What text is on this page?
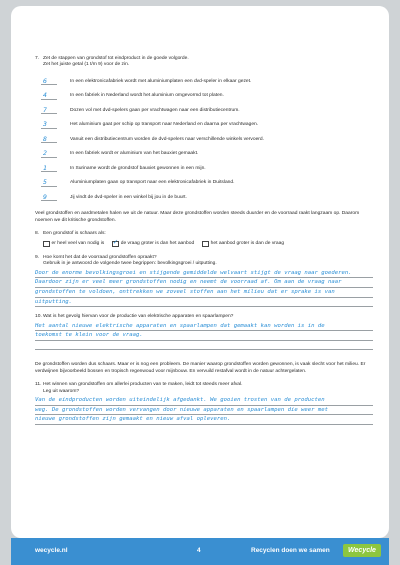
7. Zet de stappen van grondstof tot eindproduct in de goede volgorde.
Zet het juiste getal (1 t/m 9) voor de zin.
6	In een elektronicafabriek wordt met aluminiumplaten een dvd-speler in elkaar gezet.
4	In een fabriek in Nederland wordt het aluminium omgevormd tot platen.
7	Dozen vol met dvd-spelers gaan per vrachtwagen naar een distributiecentrum.
3	Het aluminium gaat per schip op transport naar Nederland en daarna per vrachtwagen.
8	Vanuit een distributiecentrum worden de dvd-spelers naar verschillende winkels vervoerd.
2	In een fabriek wordt er aluminium van het bauxiet gemaakt.
1	In Suriname wordt de grondstof bauxiet gewonnen in een mijn.
5	Aluminiumplaten gaan op transport naar een elektronicafabriek in Duitsland.
9	Jij vindt de dvd-speler in een winkel bij jou in de buurt.
Veel grondstoffen en aardmetalen halen we uit de natuur. Maar deze grondstoffen worden steeds duurder en de voorraad raakt langzaam op. Daarom noemen we dit kritische grondstoffen.
8. Een grondstof is schaars als:
er heel veel van nodig is
✓	de vraag groter is dan het aanbod	het aanbod groter is dan de vraag
9. Hoe komt het dat de voorraad grondstoffen opraakt?
Gebruik in je antwoord de volgende twee begrippen: bevolkingsgroei / uitputting.
Door de enorme bevolkingsgroei en stijgende gemiddelde welvaart stijgt de vraag naar goederen.
Daardoor zijn er veel meer grondstoffen nodig en neemt de voorraad af. Om aan de vraag naar
grondstoffen te voldoen, onttrekken we zoveel stoffen aan het milieu dat er sprake is van
uitputting.
10.Wat is het gevolg hiervan voor de productie van elektrische apparaten en spaarlampen?
Het aantal nieuwe elektrische apparaten en spaarlampen dat gemaakt kan worden is in de
toekomst te klein voor de vraag.
De grondstoffen worden dus schaars. Maar er is nog een probleem. De manier waarop grondstoffen worden gewonnen, is vaak slecht voor het milieu. Er verdwijnen bijvoorbeeld bossen en tropisch regenwoud voor mijnbouw. En vervuild restafval wordt in de natuur achtergelaten.
11. Het winnen van grondstoffen om allerlei producten van te maken, leidt tot steeds meer afval.
Leg uit waarom?
Van de eindproducten worden uiteindelijk afgedankt. We gooien trosten van de producten
weg. De grondstoffen worden vervangen door nieuwe apparaten en spaarlampen die weer met
nieuwe grondstoffen zijn gemaakt en nieuw afval opleveren.
wecycle.nl	4	Recyclen doen we samen	Wecycle
